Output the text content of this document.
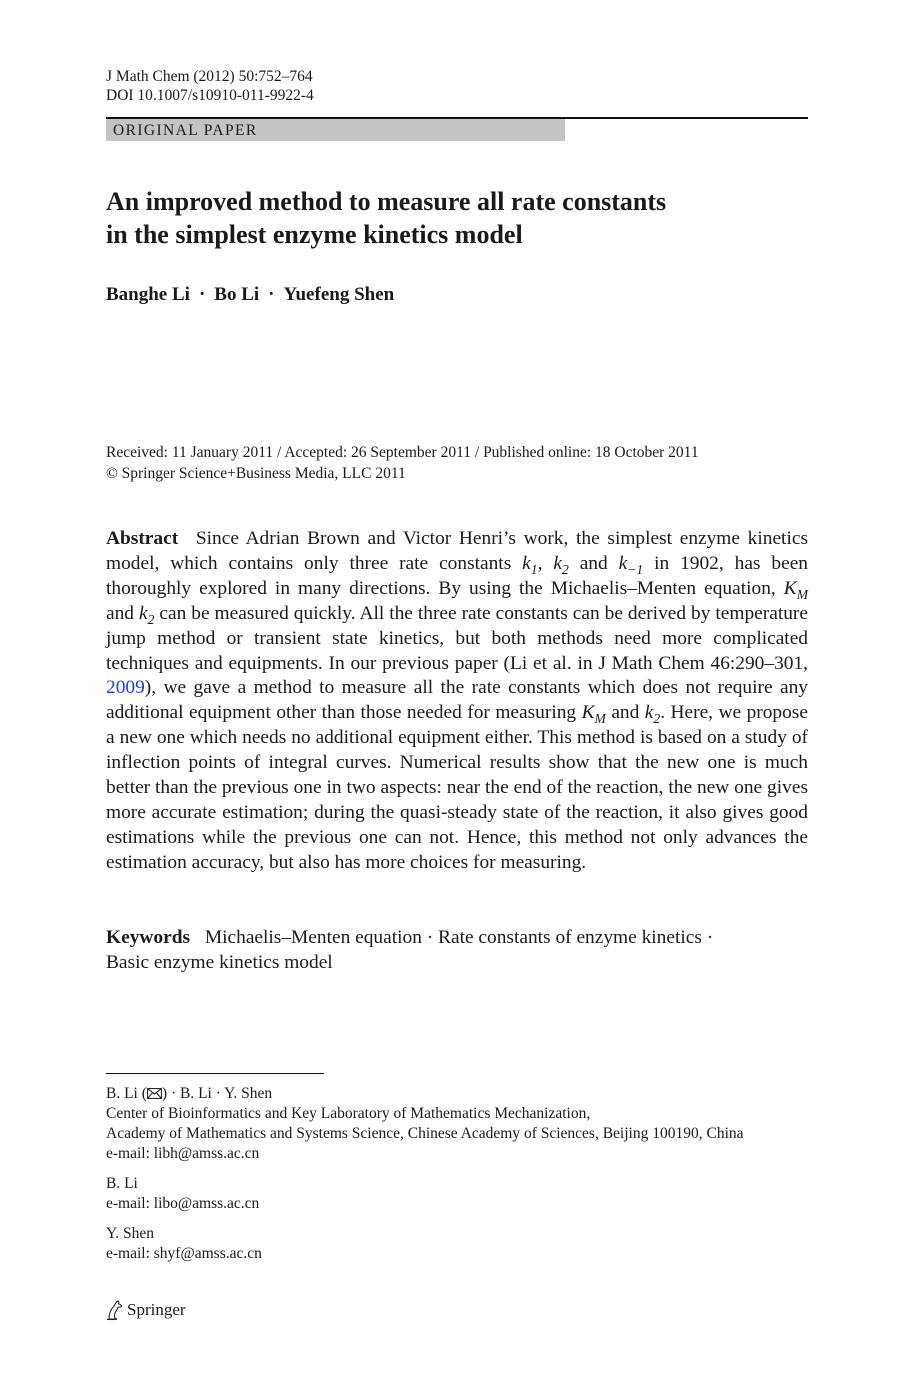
J Math Chem (2012) 50:752–764
DOI 10.1007/s10910-011-9922-4
ORIGINAL PAPER
An improved method to measure all rate constants
in the simplest enzyme kinetics model
Banghe Li · Bo Li · Yuefeng Shen
Received: 11 January 2011 / Accepted: 26 September 2011 / Published online: 18 October 2011
© Springer Science+Business Media, LLC 2011
Abstract Since Adrian Brown and Victor Henri’s work, the simplest enzyme kinetics model, which contains only three rate constants $k_1$, $k_2$ and $k_{-1}$ in 1902, has been thoroughly explored in many directions. By using the Michaelis–Menten equation, $K_M$ and $k_2$ can be measured quickly. All the three rate constants can be derived by temperature jump method or transient state kinetics, but both methods need more complicated techniques and equipments. In our previous paper (Li et al. in J Math Chem 46:290–301, 2009), we gave a method to measure all the rate constants which does not require any additional equipment other than those needed for measuring $K_M$ and $k_2$. Here, we propose a new one which needs no additional equipment either. This method is based on a study of inflection points of integral curves. Numerical results show that the new one is much better than the previous one in two aspects: near the end of the reaction, the new one gives more accurate estimation; during the quasi-steady state of the reaction, it also gives good estimations while the previous one can not. Hence, this method not only advances the estimation accuracy, but also has more choices for measuring.
Keywords Michaelis–Menten equation · Rate constants of enzyme kinetics ·
Basic enzyme kinetics model
B. Li ( ) · B. Li · Y. Shen
Center of Bioinformatics and Key Laboratory of Mathematics Mechanization,
Academy of Mathematics and Systems Science, Chinese Academy of Sciences, Beijing 100190, China
e-mail: libh@amss.ac.cn
B. Li
e-mail: libo@amss.ac.cn
Y. Shen
e-mail: shyf@amss.ac.cn
Springer
